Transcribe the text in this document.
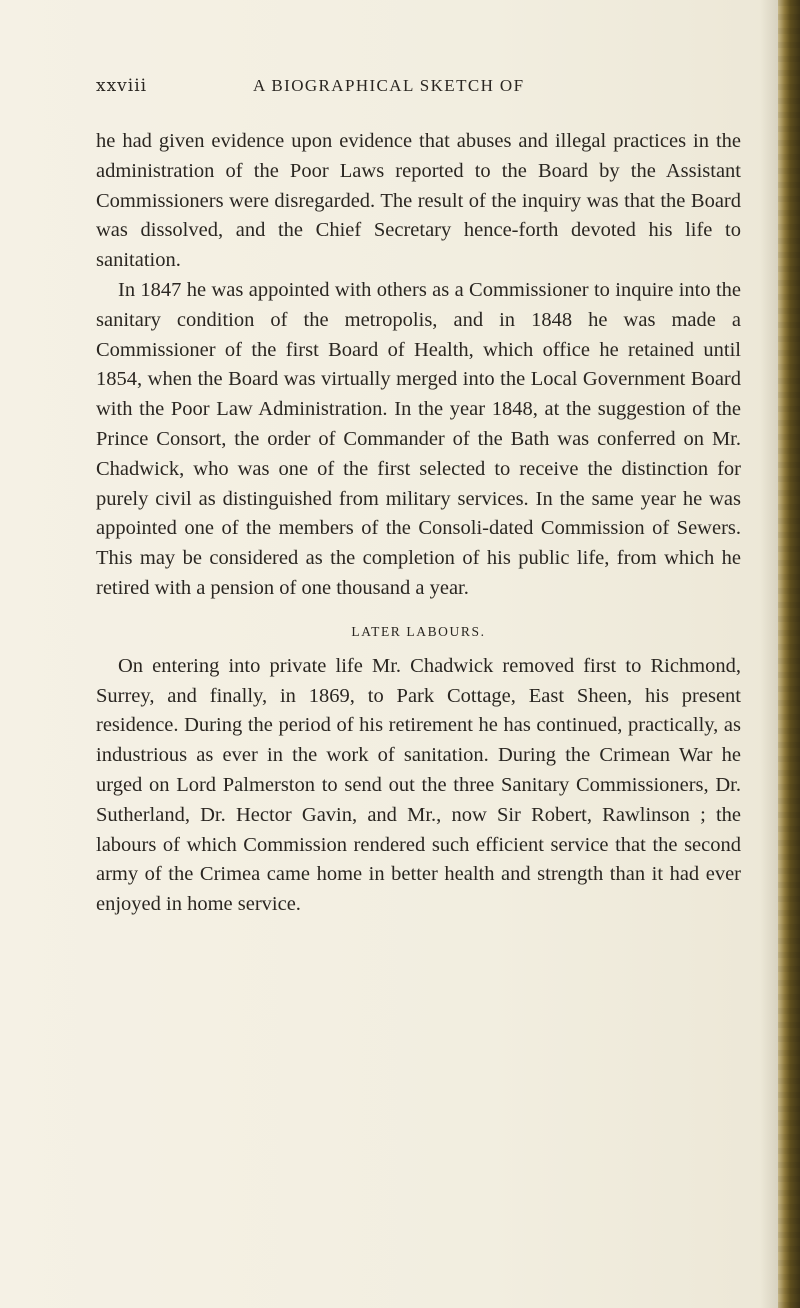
xxviii	A BIOGRAPHICAL SKETCH OF

he had given evidence upon evidence that abuses and illegal practices in the administration of the Poor Laws reported to the Board by the Assistant Commissioners were disregarded. The result of the inquiry was that the Board was dissolved, and the Chief Secretary hence-forth devoted his life to sanitation.

In 1847 he was appointed with others as a Commissioner to inquire into the sanitary condition of the metropolis, and in 1848 he was made a Commissioner of the first Board of Health, which office he retained until 1854, when the Board was virtually merged into the Local Government Board with the Poor Law Administration. In the year 1848, at the suggestion of the Prince Consort, the order of Commander of the Bath was conferred on Mr. Chadwick, who was one of the first selected to receive the distinction for purely civil as distinguished from military services. In the same year he was appointed one of the members of the Consoli-dated Commission of Sewers. This may be considered as the completion of his public life, from which he retired with a pension of one thousand a year.

LATER LABOURS.

On entering into private life Mr. Chadwick removed first to Richmond, Surrey, and finally, in 1869, to Park Cottage, East Sheen, his present residence. During the period of his retirement he has continued, practically, as industrious as ever in the work of sanitation. During the Crimean War he urged on Lord Palmerston to send out the three Sanitary Commissioners, Dr. Sutherland, Dr. Hector Gavin, and Mr., now Sir Robert, Rawlinson ; the labours of which Commission rendered such efficient service that the second army of the Crimea came home in better health and strength than it had ever enjoyed in home service.
